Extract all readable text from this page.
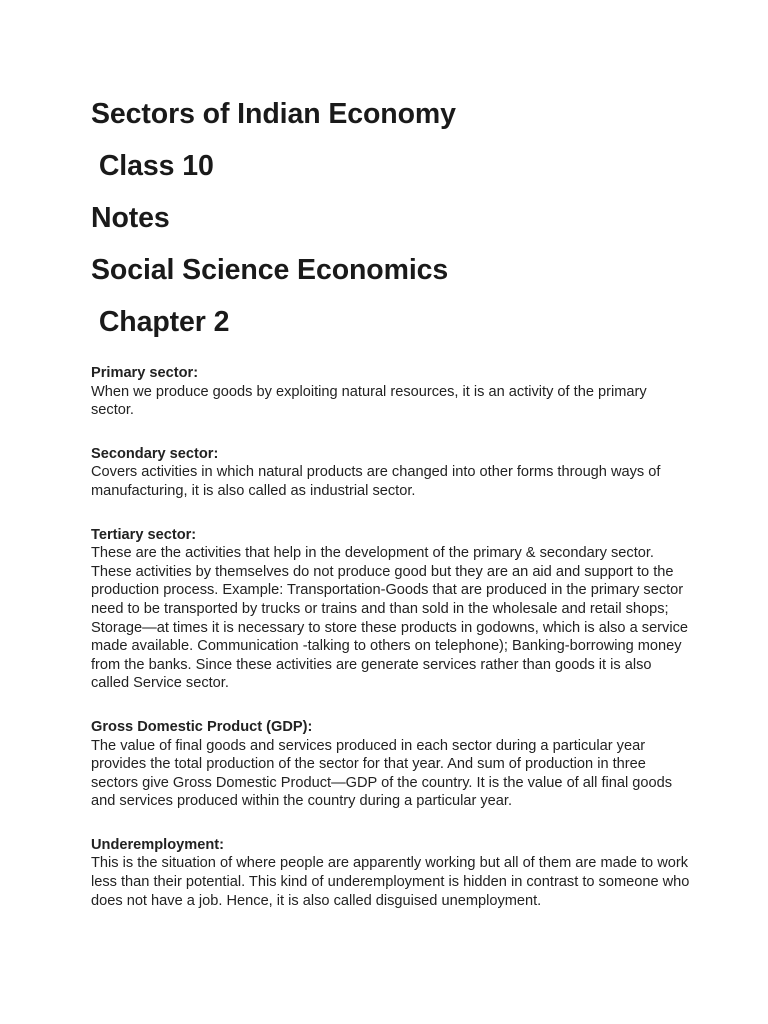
Sectors of Indian Economy
Class 10
Notes
Social Science Economics
Chapter 2
Primary sector:
When we produce goods by exploiting natural resources, it is an activity of the primary sector.
Secondary sector:
Covers activities in which natural products are changed into other forms through ways of manufacturing, it is also called as industrial sector.
Tertiary sector:
These are the activities that help in the development of the primary & secondary sector. These activities by themselves do not produce good but they are an aid and support to the production process. Example: Transportation-Goods that are produced in the primary sector need to be transported by trucks or trains and than sold in the wholesale and retail shops; Storage—at times it is necessary to store these products in godowns, which is also a service made available. Communication -talking to others on telephone); Banking-borrowing money from the banks. Since these activities are generate services rather than goods it is also called Service sector.
Gross Domestic Product (GDP):
The value of final goods and services produced in each sector during a particular year provides the total production of the sector for that year. And sum of production in three sectors give Gross Domestic Product—GDP of the country. It is the value of all final goods and services produced within the country during a particular year.
Underemployment:
This is the situation of where people are apparently working but all of them are made to work less than their potential. This kind of underemployment is hidden in contrast to someone who does not have a job. Hence, it is also called disguised unemployment.
